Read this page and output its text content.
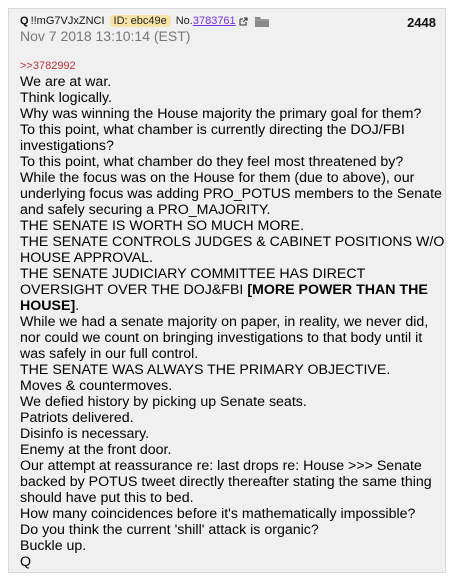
Q !!mG7VJxZNCI ID: ebc49e No. 3783761	2448
Nov 7 2018 13:10:14 (EST)
>>3782992
We are at war.
Think logically.
Why was winning the House majority the primary goal for them?
To this point, what chamber is currently directing the DOJ/FBI investigations?
To this point, what chamber do they feel most threatened by?
While the focus was on the House for them (due to above), our underlying focus was adding PRO_POTUS members to the Senate and safely securing a PRO_MAJORITY.
THE SENATE IS WORTH SO MUCH MORE.
THE SENATE CONTROLS JUDGES & CABINET POSITIONS W/O HOUSE APPROVAL.
THE SENATE JUDICIARY COMMITTEE HAS DIRECT OVERSIGHT OVER THE DOJ&FBI [MORE POWER THAN THE HOUSE].
While we had a senate majority on paper, in reality, we never did, nor could we count on bringing investigations to that body until it was safely in our full control.
THE SENATE WAS ALWAYS THE PRIMARY OBJECTIVE.
Moves & countermoves.
We defied history by picking up Senate seats.
Patriots delivered.
Disinfo is necessary.
Enemy at the front door.
Our attempt at reassurance re: last drops re: House >>> Senate backed by POTUS tweet directly thereafter stating the same thing should have put this to bed.
How many coincidences before it's mathematically impossible?
Do you think the current 'shill' attack is organic?
Buckle up.
Q
